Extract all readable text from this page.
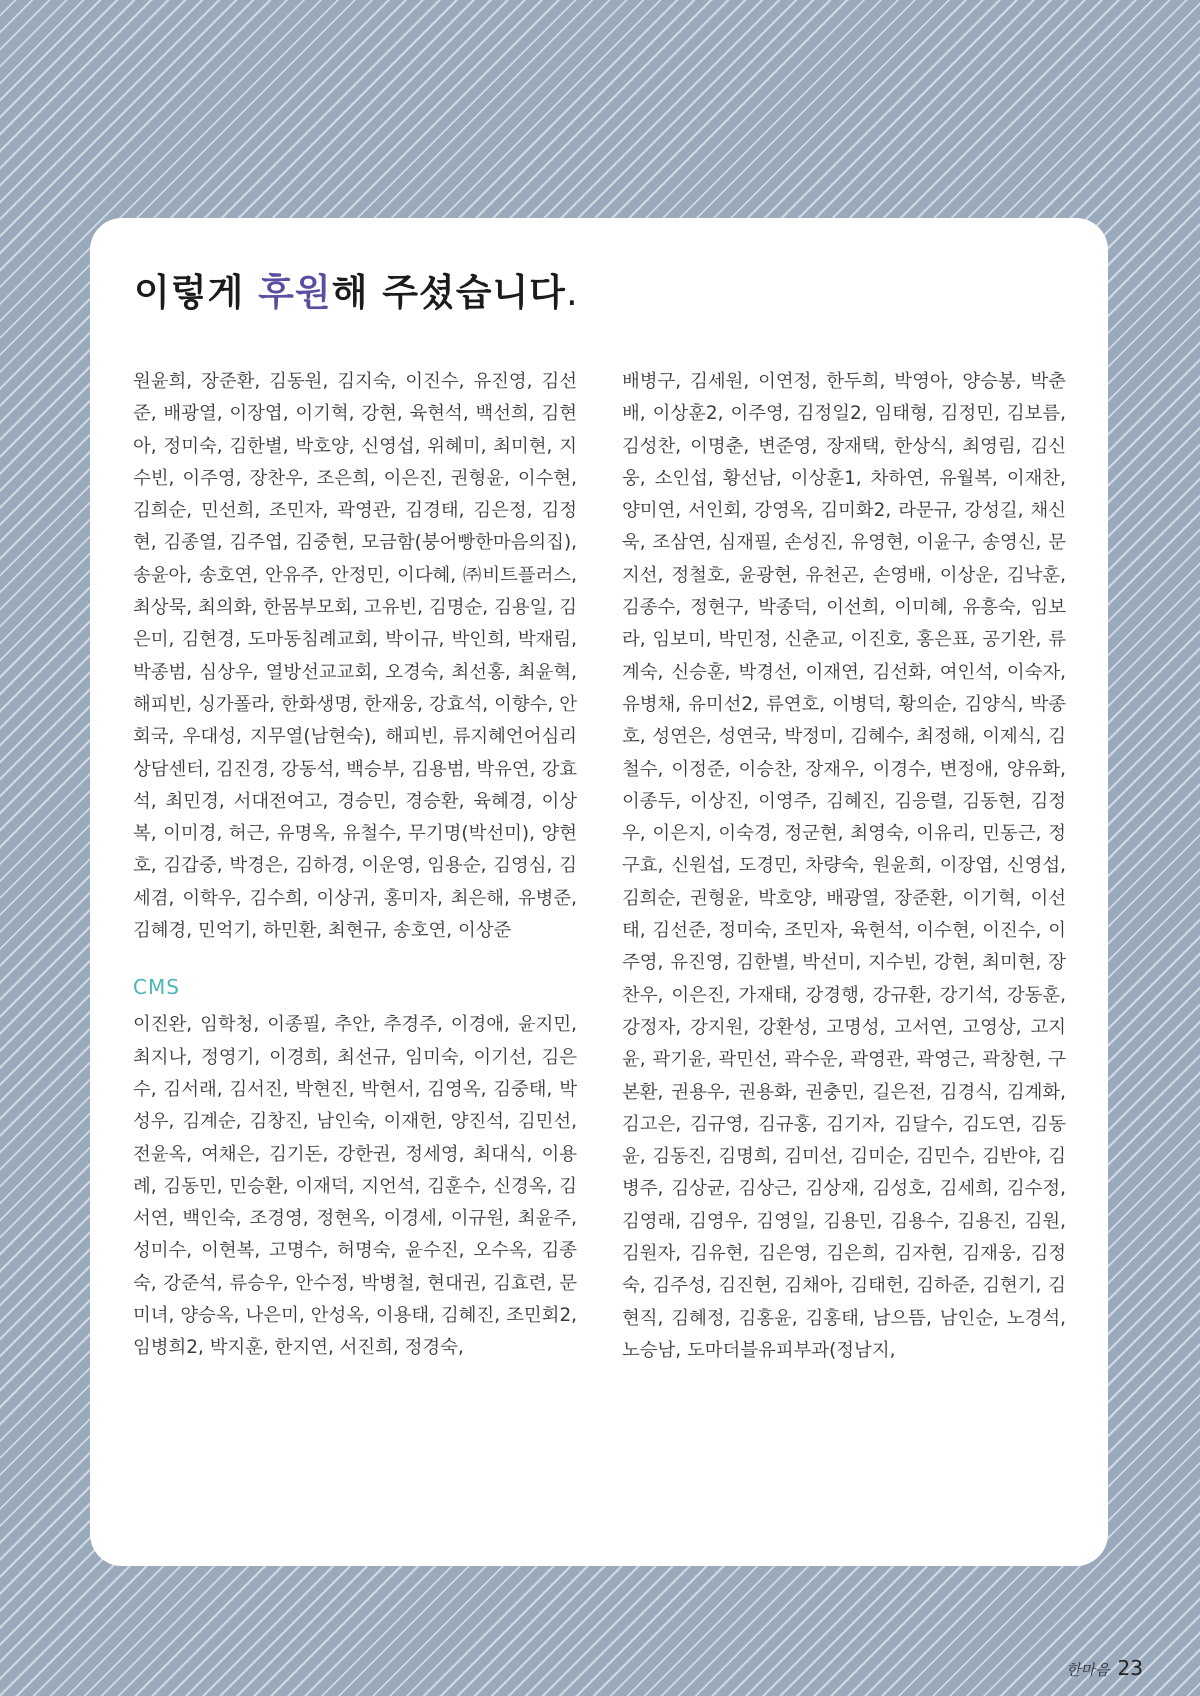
이렇게 후원해 주셨습니다.

원윤희, 장준환, 김동원, 김지숙, 이진수, 유진영, 김선준, 배광열, 이장엽, 이기혁, 강현, 육현석, 백선희, 김현아, 정미숙, 김한별, 박호양, 신영섭, 위혜미, 최미현, 지수빈, 이주영, 장찬우, 조은희, 이은진, 권형윤, 이수현, 김희순, 민선희, 조민자, 곽영관, 김경태, 김은정, 김정현, 김종열, 김주엽, 김중현, 모금함(붕어빵한마음의집), 송윤아, 송호연, 안유주, 안정민, 이다혜, ㈜비트플러스, 최상묵, 최의화, 한몸부모회, 고유빈, 김명순, 김용일, 김은미, 김현경, 도마동침례교회, 박이규, 박인희, 박재림, 박종범, 심상우, 열방선교교회, 오경숙, 최선홍, 최윤혁, 해피빈, 싱가폴라, 한화생명, 한재웅, 강효석, 이향수, 안회국, 우대성, 지무열(남현숙), 해피빈, 류지혜언어심리상담센터, 김진경, 강동석, 백승부, 김용범, 박유연, 강효석, 최민경, 서대전여고, 경승민, 경승환, 육혜경, 이상복, 이미경, 허근, 유명옥, 유철수, 무기명(박선미), 양현호, 김갑중, 박경은, 김하경, 이운영, 임용순, 김영심, 김세겸, 이학우, 김수희, 이상귀, 홍미자, 최은해, 유병준, 김혜경, 민억기, 하민환, 최현규, 송호연, 이상준

CMS

이진완, 임학청, 이종필, 추안, 추경주, 이경애, 윤지민, 최지나, 정영기, 이경희, 최선규, 임미숙, 이기선, 김은수, 김서래, 김서진, 박현진, 박현서, 김영옥, 김중태, 박성우, 김계순, 김창진, 남인숙, 이재헌, 양진석, 김민선, 전윤옥, 여채은, 김기돈, 강한권, 정세영, 최대식, 이용례, 김동민, 민승환, 이재덕, 지언석, 김훈수, 신경옥, 김서연, 백인숙, 조경영, 정현옥, 이경세, 이규원, 최윤주, 성미수, 이현복, 고명수, 허명숙, 윤수진, 오수옥, 김종숙, 강준석, 류승우, 안수정, 박병철, 현대권, 김효련, 문미녀, 양승옥, 나은미, 안성옥, 이용태, 김혜진, 조민회2, 임병희2, 박지훈, 한지연, 서진희, 정경숙,

배병구, 김세원, 이연정, 한두희, 박영아, 양승봉, 박춘배, 이상훈2, 이주영, 김정일2, 임태형, 김정민, 김보름, 김성찬, 이명춘, 변준영, 장재택, 한상식, 최영림, 김신웅, 소인섭, 황선남, 이상훈1, 차하연, 유월복, 이재찬, 양미연, 서인회, 강영옥, 김미화2, 라문규, 강성길, 채신욱, 조삼연, 심재필, 손성진, 유영현, 이윤구, 송영신, 문지선, 정철호, 윤광현, 유천곤, 손영배, 이상운, 김낙훈, 김종수, 정현구, 박종덕, 이선희, 이미혜, 유흥숙, 임보라, 임보미, 박민정, 신춘교, 이진호, 홍은표, 공기완, 류계숙, 신승훈, 박경선, 이재연, 김선화, 여인석, 이숙자, 유병채, 유미선2, 류연호, 이병덕, 황의순, 김양식, 박종호, 성연은, 성연국, 박정미, 김혜수, 최정해, 이제식, 김철수, 이정준, 이승찬, 장재우, 이경수, 변정애, 양유화, 이종두, 이상진, 이영주, 김혜진, 김응렬, 김동현, 김정우, 이은지, 이숙경, 정군현, 최영숙, 이유리, 민동근, 정구효, 신원섭, 도경민, 차량숙, 원윤희, 이장엽, 신영섭, 김희순, 권형윤, 박호양, 배광열, 장준환, 이기혁, 이선태, 김선준, 정미숙, 조민자, 육현석, 이수현, 이진수, 이주영, 유진영, 김한별, 박선미, 지수빈, 강현, 최미현, 장찬우, 이은진, 가재태, 강경행, 강규환, 강기석, 강동훈, 강정자, 강지원, 강환성, 고명성, 고서연, 고영상, 고지윤, 곽기윤, 곽민선, 곽수운, 곽영관, 곽영근, 곽창현, 구본환, 권용우, 권용화, 권충민, 길은전, 김경식, 김계화, 김고은, 김규영, 김규홍, 김기자, 김달수, 김도연, 김동윤, 김동진, 김명희, 김미선, 김미순, 김민수, 김반야, 김병주, 김상균, 김상근, 김상재, 김성호, 김세희, 김수정, 김영래, 김영우, 김영일, 김용민, 김용수, 김용진, 김원, 김원자, 김유현, 김은영, 김은희, 김자현, 김재웅, 김정숙, 김주성, 김진현, 김채아, 김태헌, 김하준, 김현기, 김현직, 김혜정, 김홍윤, 김홍태, 남으뜸, 남인순, 노경석, 노승남, 도마더블유피부과(정남지,

한마음 23
